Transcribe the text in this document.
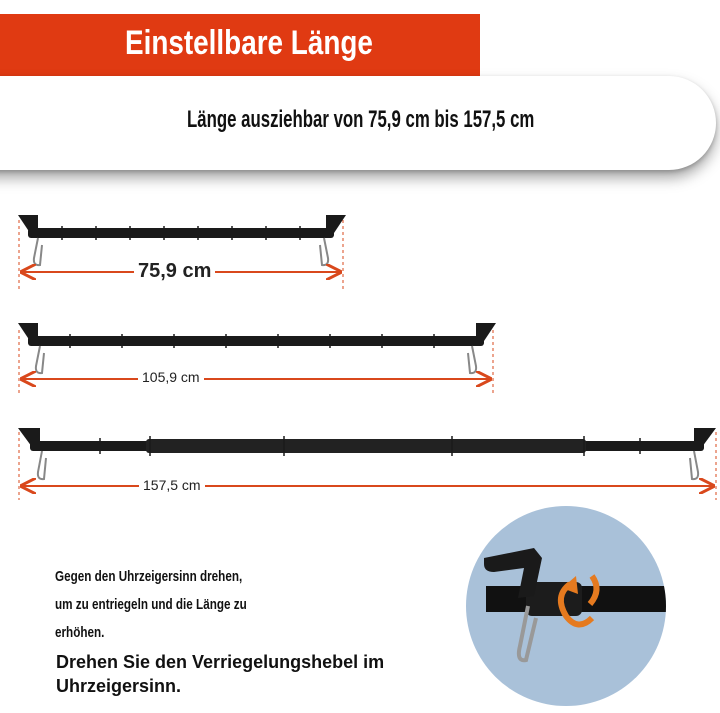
Einstellbare Länge
Länge ausziehbar von 75,9 cm bis 157,5 cm
75,9 cm
105,9 cm
157,5 cm
Gegen den Uhrzeigersinn drehen, um zu entriegeln und die Länge zu erhöhen.
Drehen Sie den Verriegelungshebel im Uhrzeigersinn.
